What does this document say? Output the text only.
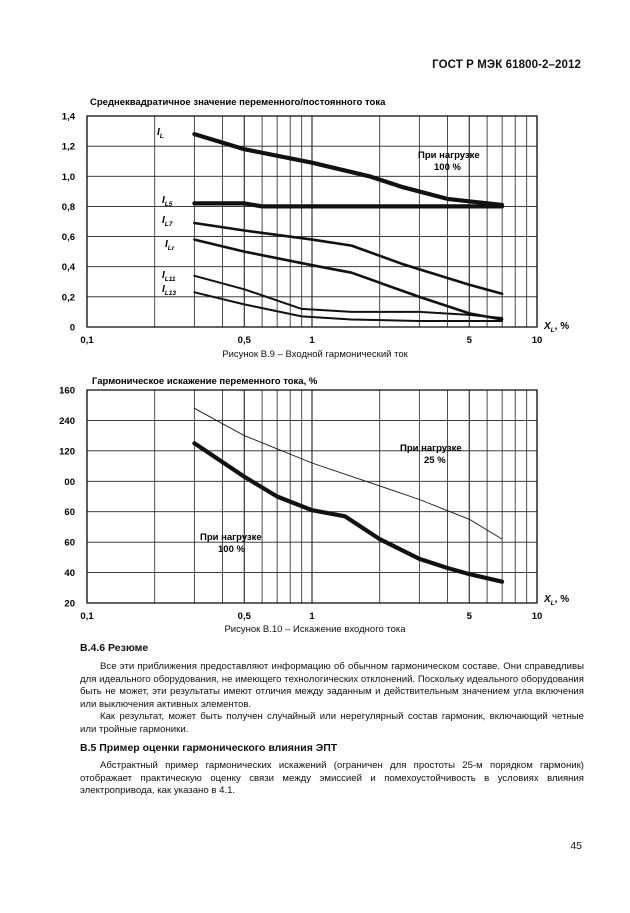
ГОСТ Р МЭК 61800-2–2012
0
0,2
0,4
0,6
0,8
1,0
1,2
1,4
0,1	0,5	1	5	10
$I_L$
$I_{L5}$
$I_{L7}$
$I_{Lr}$
$I_{L11}$
$I_{L13}$
Среднеквадратичное значение переменного/постоянного тока
$X_L$, %
При нагрузке
100 %
Рисунок B.9 – Входной гармонический ток
20
40
60
60
00
120
240
160
0,1	0,5	1	5	10
Гармоническое искажение переменного тока, %
$X_L$, %
При нагрузке
25 %
При нагрузке
100 %
Рисунок B.10 – Искажение входного тока
B.4.6 Резюме
Все эти приближения предоставляют информацию об обычном гармоническом составе. Они справедливы для идеального оборудования, не имеющего технологических отклонений. Поскольку идеального оборудования быть не может, эти результаты имеют отличия между заданным и действительным значением угла включения или выключения активных элементов.
Как результат, может быть получен случайный или нерегулярный состав гармоник, включающий четные или тройные гармоники.
B.5 Пример оценки гармонического влияния ЭПТ
Абстрактный пример гармонических искажений (ограничен для простоты 25-м порядком гармоник) отображает практическую оценку связи между эмиссией и помехоустойчивость в условиях влияния электропривода, как указано в 4.1.
45
